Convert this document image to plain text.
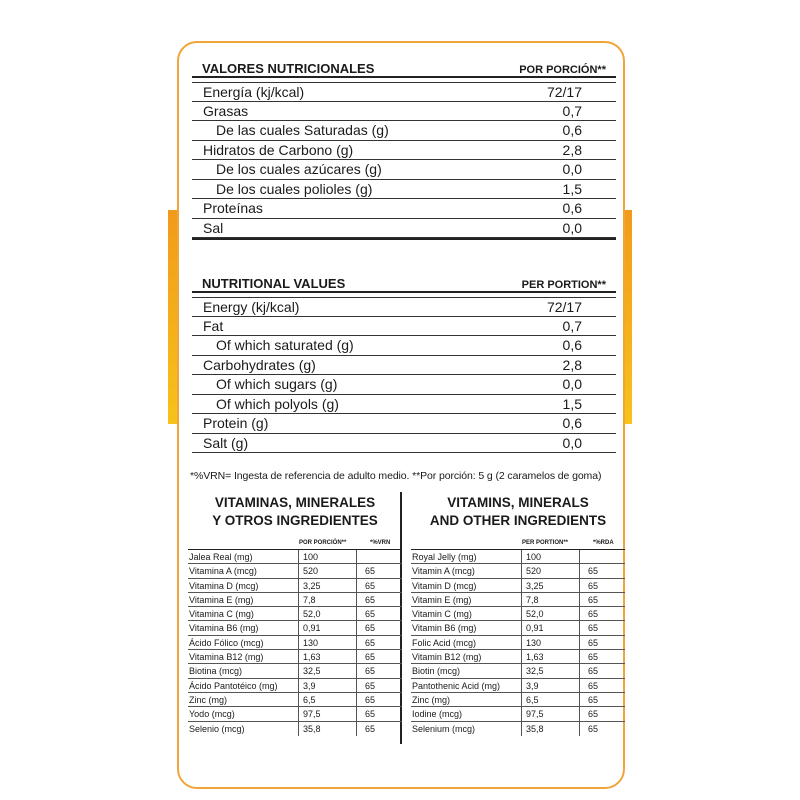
VALORES NUTRICIONALES	POR PORCIÓN**
Energía (kj/kcal)	72/17
Grasas	0,7
De las cuales Saturadas (g)	0,6
Hidratos de Carbono (g)	2,8
De los cuales azúcares (g)	0,0
De los cuales polioles (g)	1,5
Proteínas	0,6
Sal	0,0
NUTRITIONAL VALUES	PER PORTION**
Energy (kj/kcal)	72/17
Fat	0,7
Of which saturated (g)	0,6
Carbohydrates (g)	2,8
Of which sugars (g)	0,0
Of which polyols (g)	1,5
Protein (g)	0,6
Salt (g)	0,0
*%VRN= Ingesta de referencia de adulto medio. **Por porción: 5 g (2 caramelos de goma)
VITAMINAS, MINERALES
Y OTROS INGREDIENTES
POR PORCIÓN**	*%VRN
Jalea Real (mg)	100
Vitamina A (mcg)	520	65
Vitamina D (mcg)	3,25	65
Vitamina E (mg)	7,8	65
Vitamina C (mg)	52,0	65
Vitamina B6 (mg)	0,91	65
Ácido Fólico (mcg)	130	65
Vitamina B12 (mg)	1,63	65
Biotina (mcg)	32,5	65
Ácido Pantotéico (mg)	3,9	65
Zinc (mg)	6,5	65
Yodo (mcg)	97,5	65
Selenio (mcg)	35,8	65
VITAMINS, MINERALS
AND OTHER INGREDIENTS
PER PORTION**	*%RDA
Royal Jelly (mg)	100
Vitamin A (mcg)	520	65
Vitamin D (mcg)	3,25	65
Vitamin E (mg)	7,8	65
Vitamin C (mg)	52,0	65
Vitamin B6 (mg)	0,91	65
Folic Acid (mcg)	130	65
Vitamin B12 (mg)	1,63	65
Biotin (mcg)	32,5	65
Pantothenic Acid (mg)	3,9	65
Zinc (mg)	6,5	65
Iodine (mcg)	97,5	65
Selenium (mcg)	35,8	65
